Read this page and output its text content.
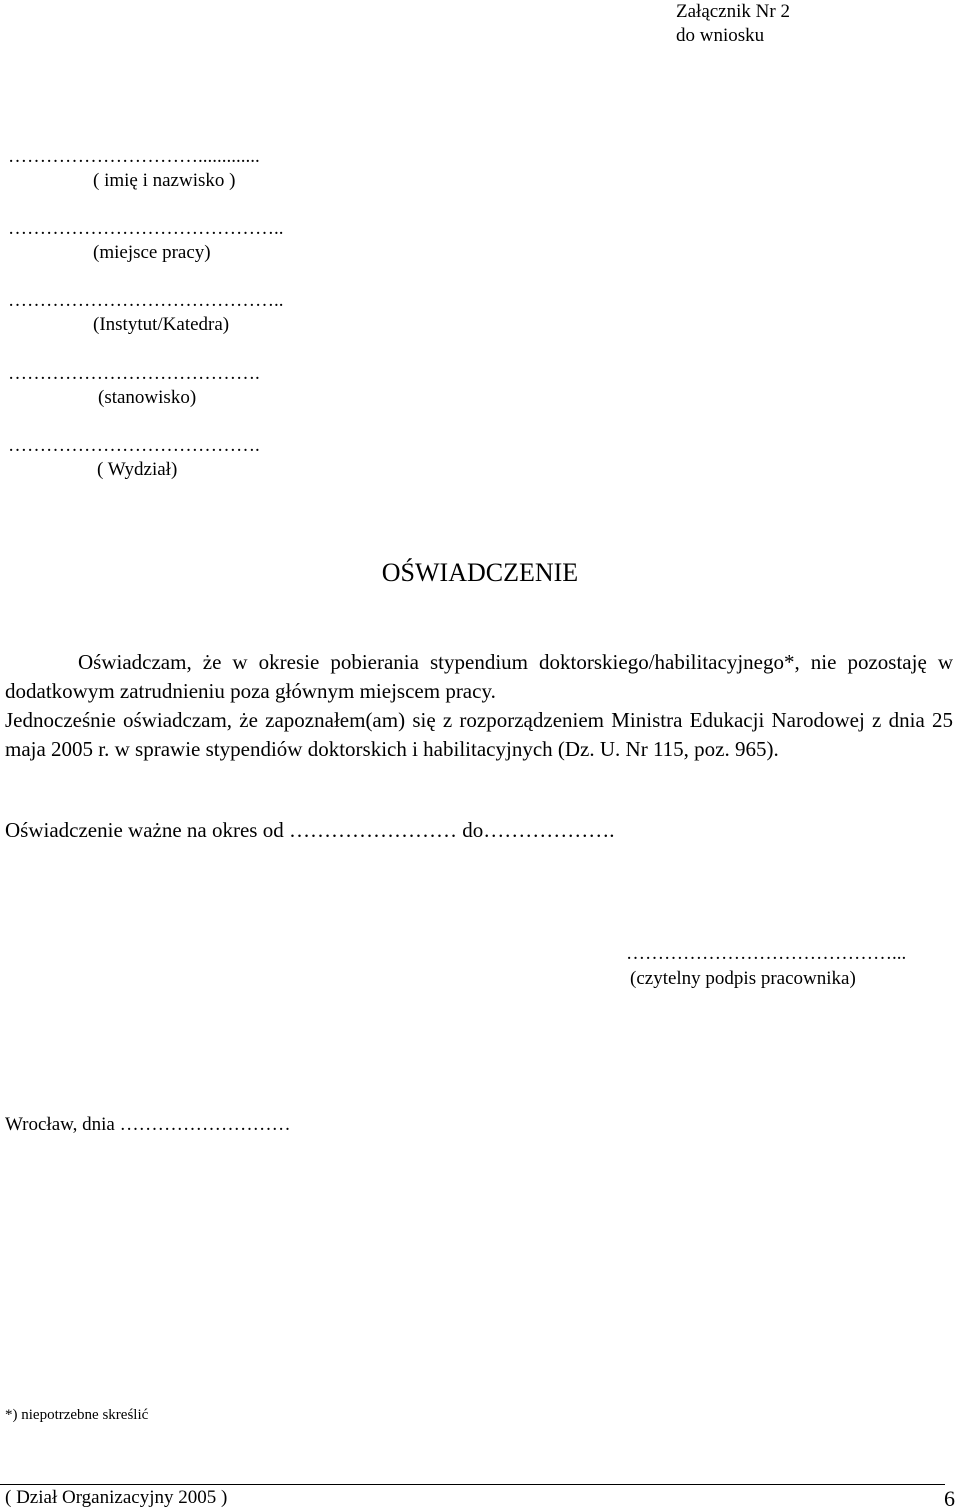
Załącznik Nr 2
do wniosku
………………………….............
( imię i nazwisko )
……………………………………..
(miejsce pracy)
……………………………………..
(Instytut/Katedra)
………………………………….
(stanowisko)
………………………………….
( Wydział)
OŚWIADCZENIE

Oświadczam, że w okresie pobierania stypendium doktorskiego/habilitacyjnego*, nie pozostaję w dodatkowym zatrudnieniu poza głównym miejscem pracy.

Jednocześnie oświadczam, że zapoznałem(am) się z rozporządzeniem Ministra Edukacji Narodowej z dnia 25 maja 2005 r. w sprawie stypendiów doktorskich i habilitacyjnych (Dz. U. Nr 115, poz. 965).

Oświadczenie ważne na okres od …………………… do……………….
……………………………………...
(czytelny podpis pracownika)
Wrocław, dnia ………………………
*) niepotrzebne skreślić
( Dział Organizacyjny 2005 )	6
